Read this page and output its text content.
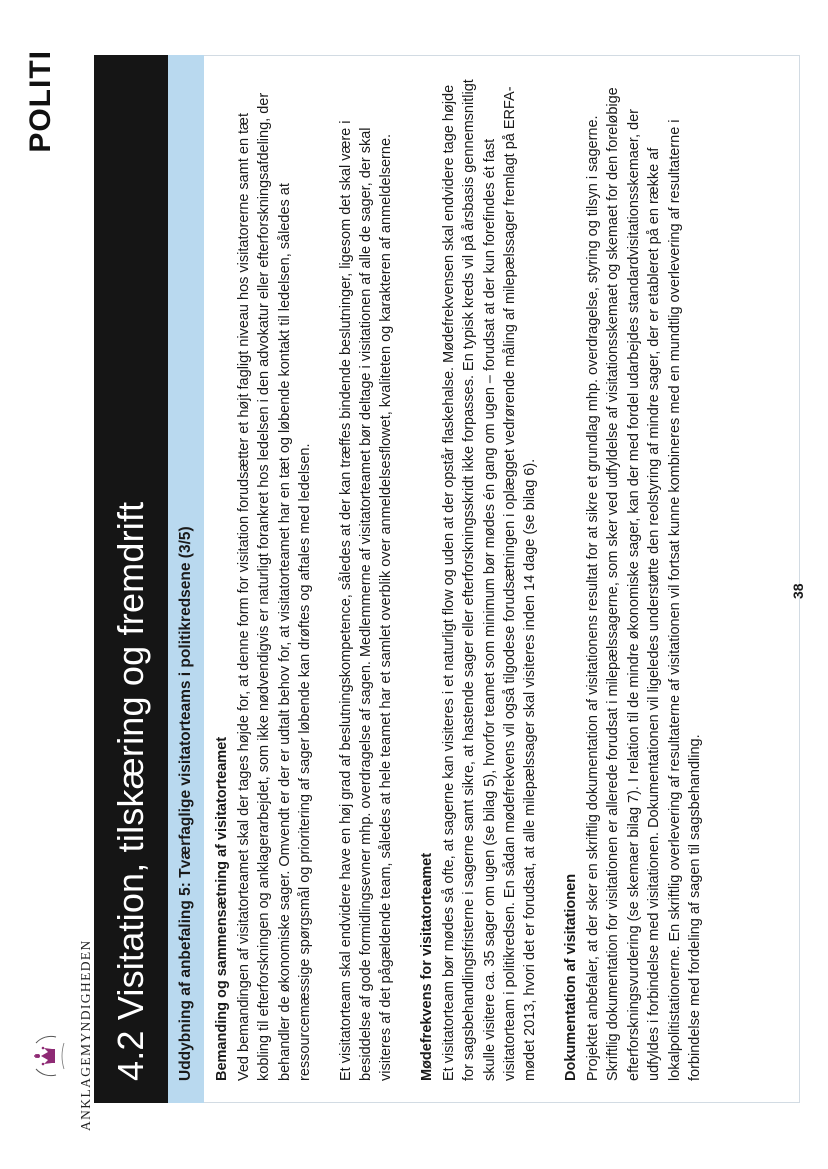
ANKLAGEMYNDIGHEDEN
POLITI
4.2 Visitation, tilskæring og fremdrift Uddybning af anbefaling 5: Tværfaglige visitatorteams i politikredsene (3/5) Bemanding og sammensætning af visitatorteamet Ved bemandingen af visitatorteamet skal der tages højde for, at denne form for visitation forudsætter et højt fagligt niveau hos visitatorerne samt en tæt kobling til efterforskningen og anklagerarbejdet, som ikke nødvendigvis er naturligt forankret hos ledelsen i den advokatur eller efterforskningsafdeling, der behandler de økonomiske sager. Omvendt er der er udtalt behov for, at visitatorteamet har en tæt og løbende kontakt til ledelsen, således at ressourcemæssige spørgsmål og prioritering af sager løbende kan drøftes og aftales med ledelsen. Et visitatorteam skal endvidere have en høj grad af beslutningskompetence, således at der kan træffes bindende beslutninger, ligesom det skal være i besiddelse af gode formidlingsevner mhp. overdragelse af sagen. Medlemmerne af visitatorteamet bør deltage i visitationen af alle de sager, der skal visiteres af det pågældende team, således at hele teamet har et samlet overblik over anmeldelsesflowet, kvaliteten og karakteren af anmeldelserne. Mødefrekvens for visitatorteamet Et visitatorteam bør mødes så ofte, at sagerne kan visiteres i et naturligt flow og uden at der opstår flaskehalse. Mødefrekvensen skal endvidere tage højde for sagsbehandlingsfristerne i sagerne samt sikre, at hastende sager eller efterforskningsskridt ikke forpasses. En typisk kreds vil på årsbasis gennemsnitligt skulle visitere ca. 35 sager om ugen (se bilag 5), hvorfor teamet som minimum bør mødes én gang om ugen – forudsat at der kun forefindes ét fast visitatorteam i politikredsen. En sådan mødefrekvens vil også tilgodese forudsætningen i oplægget vedrørende måling af milepælssager fremlagt på ERFA-mødet 2013, hvori det er forudsat, at alle milepælssager skal visiteres inden 14 dage (se bilag 6). Dokumentation af visitationen Projektet anbefaler, at der sker en skriftlig dokumentation af visitationens resultat for at sikre et grundlag mhp. overdragelse, styring og tilsyn i sagerne. Skriftlig dokumentation for visitationen er allerede forudsat i milepælssagerne, som sker ved udfyldelse af visitationsskemaet og skemaet for den foreløbige efterforskningsvurdering (se skemaer bilag 7). I relation til de mindre økonomiske sager, kan der med fordel udarbejdes standardvisitationsskemaer, der udfyldes i forbindelse med visitationen. Dokumentationen vil ligeledes understøtte den reolstyring af mindre sager, der er etableret på en række af lokalpolitistationerne. En skriftlig overlevering af resultaterne af visitationen vil fortsat kunne kombineres med en mundtlig overlevering af resultaterne i forbindelse med fordeling af sagen til sagsbehandling.

38
